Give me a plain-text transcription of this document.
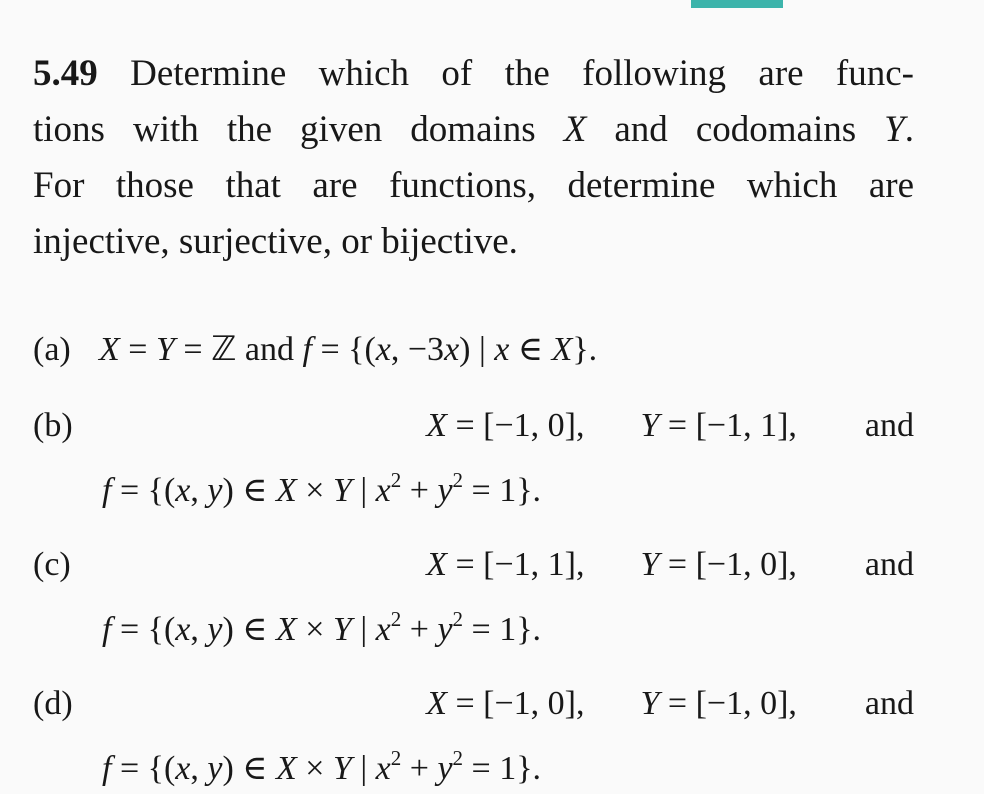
5.49 Determine which of the following are func-
tions with the given domains X and codomains Y.
For those that are functions, determine which are
injective, surjective, or bijective.
(a) X = Y = ℤ and f = {(x, −3x) | x ∈ X}.
(b)	X = [−1, 0], Y = [−1, 1], and
f = {(x, y) ∈ X × Y | $x^2 + y^2 = 1$}.
(c)	X = [−1, 1], Y = [−1, 0], and
f = {(x, y) ∈ X × Y | $x^2 + y^2 = 1$}.
(d)	X = [−1, 0], Y = [−1, 0], and
f = {(x, y) ∈ X × Y | $x^2 + y^2 = 1$}.
